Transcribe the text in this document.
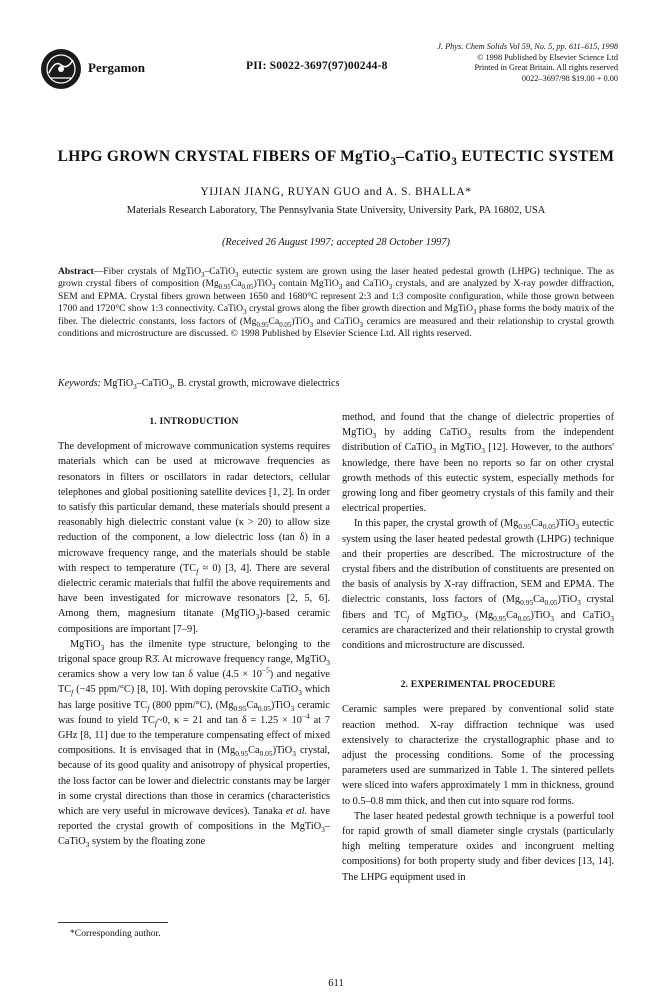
Pergamon	PII: S0022-3697(97)00244-8
J. Phys. Chem Solids Vol 59, No. 5, pp. 611–615, 1998
© 1998 Published by Elsevier Science Ltd
Printed in Great Britain. All rights reserved
0022–3697/98 $19.00 + 0.00
LHPG GROWN CRYSTAL FIBERS OF MgTiO$_3$–CaTiO$_3$ EUTECTIC SYSTEM
YIJIAN JIANG, RUYAN GUO and A. S. BHALLA*
Materials Research Laboratory, The Pennsylvania State University, University Park, PA 16802, USA
(Received 26 August 1997; accepted 28 October 1997)
Abstract—Fiber crystals of MgTiO$_3$–CaTiO$_3$ eutectic system are grown using the laser heated pedestal growth (LHPG) technique. The as grown crystal fibers of composition $(Mg_{0.95}Ca_{0.05})TiO_3$ contain MgTiO$_3$ and CaTiO$_3$ crystals, and are analyzed by X-ray powder diffraction, SEM and EPMA. Crystal fibers grown between 1650 and 1680°C represent 2:3 and 1:3 composite configuration, while those grown between 1700 and 1720°C show 1:3 connectivity. CaTiO$_3$ crystal grows along the fiber growth direction and MgTiO$_3$ phase forms the body matrix of the fiber. The dielectric constants, loss factors of $(Mg_{0.95}Ca_{0.05})TiO_3$ and CaTiO$_3$ ceramics are measured and their relationship to crystal growth conditions and microstructure are discussed. © 1998 Published by Elsevier Science Ltd. All rights reserved.
Keywords: MgTiO$_3$–CaTiO$_3$, B. crystal growth, microwave dielectrics
1. INTRODUCTION

The development of microwave communication systems requires materials which can be used at microwave frequencies as resonators in filters or oscillators in radar detectors, cellular telephones and global positioning satellite devices [1, 2]. In order to satisfy this particular demand, these materials should present a reasonably high dielectric constant value (κ > 20) to allow size reduction of the component, a low dielectric loss (tan δ) in a microwave frequency range, and the materials should be stable with respect to temperature $(TC_f \approx 0)$ [3, 4]. There are several dielectric ceramic materials that fulfil the above requirements and have been investigated for microwave resonators [2, 5, 6]. Among them, magnesium titanate (MgTiO$_3$)-based ceramic compositions are important [7–9].

MgTiO$_3$ has the ilmenite type structure, belonging to the trigonal space group R3̄. At microwave frequency range, MgTiO$_3$ ceramics show a very low tan δ value $(4.5 \times 10^{-5})$ and negative $TC_f$ (−45 ppm/°C) [8, 10]. With doping perovskite CaTiO$_3$ which has large positive $TC_f$ (800 ppm/°C), $(Mg_{0.95}Ca_{0.05})TiO_3$ ceramic was found to yield $TC_f\sim 0$, κ = 21 and $\tan \delta = 1.25 \times 10^{-4}$ at 7 GHz [8, 11] due to the temperature compensating effect of mixed compositions. It is envisaged that in $(Mg_{0.95}Ca_{0.05})TiO_3$ crystal, because of its good quality and anisotropy of physical properties, the loss factor can be lower and dielectric constants may be larger in some crystal directions than those in ceramics (characteristics which are very useful in microwave devices). Tanaka et al. have reported the crystal growth of compositions in the MgTiO$_3$–CaTiO$_3$ system by the floating zone

method, and found that the change of dielectric properties of MgTiO$_3$ by adding CaTiO$_3$ results from the independent distribution of CaTiO$_3$ in MgTiO$_3$ [12]. However, to the authors' knowledge, there have been no reports so far on other crystal growth methods of this eutectic system, especially methods for growing long and fiber geometry crystals of this family and their electrical properties.

In this paper, the crystal growth of $(Mg_{0.95}Ca_{0.05})TiO_3$ eutectic system using the laser heated pedestal growth (LHPG) technique and their properties are described. The microstructure of the crystal fibers and the distribution of constituents are presented on the basis of analysis by X-ray diffraction, SEM and EPMA. The dielectric constants, loss factors of $(Mg_{0.95}Ca_{0.05})TiO_3$ crystal fibers and $TC_f$ of MgTiO$_3$, $(Mg_{0.95}Ca_{0.05})TiO_3$ and CaTiO$_3$ ceramics are characterized and their relationship to crystal growth conditions and microstructure are discussed.

2. EXPERIMENTAL PROCEDURE

Ceramic samples were prepared by conventional solid state reaction method. X-ray diffraction technique was used extensively to characterize the crystallographic phase and to adjust the processing conditions. Some of the processing parameters used are summarized in Table 1. The sintered pellets were sliced into wafers approximately 1 mm in thickness, ground to 0.5–0.8 mm thick, and then cut into square rod forms.

The laser heated pedestal growth technique is a powerful tool for rapid growth of small diameter single crystals (particularly high melting temperature oxides and incongruent melting compositions) for both property study and fiber devices [13, 14]. The LHPG equipment used in

*Corresponding author.
611
